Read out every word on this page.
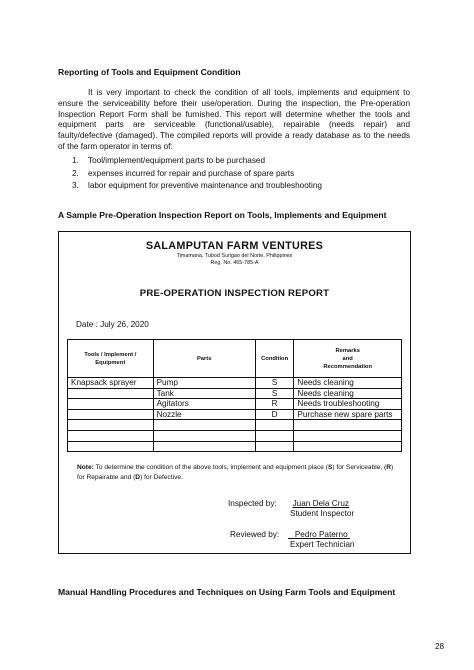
Reporting of Tools and Equipment Condition
It is very important to check the condition of all tools, implements and equipment to ensure the serviceability before their use/operation. During the inspection, the Pre-operation Inspection Report Form shall be furnished. This report will determine whether the tools and equipment parts are serviceable (functional/usable), repairable (needs repair) and faulty/defective (damaged). The compiled reports will provide a ready database as to the needs of the farm operator in terms of:
1.	Tool/implement/equipment parts to be purchased
2.	expenses incurred for repair and purchase of spare parts
3.	labor equipment for preventive maintenance and troubleshooting
A Sample Pre-Operation Inspection Report on Tools, Implements and Equipment
SALAMPUTAN FARM VENTURES
Timamana, Tubod Surigao del Norte, Philippines
Reg. No. 465-785-A
PRE-OPERATION INSPECTION REPORT
Date : July 26, 2020
Tools / Implement / Equipment	Parts	Condition	Remarks
and
Recommendation
Knapsack sprayer	Pump	S	Needs cleaning
	Tank	S	Needs cleaning
	Agitators	R	Needs troubleshooting
	Nozzle	D	Purchase new spare parts

Note: To determine the condition of the above tools, implement and equipment place (S) for Serviceable, (R) for Repairable and (D) for Defective.
Inspected by:	Juan Dela Cruz
Student Inspector
Reviewed by:	Pedro Paterno
Expert Technician
Manual Handling Procedures and Techniques on Using Farm Tools and Equipment
28
